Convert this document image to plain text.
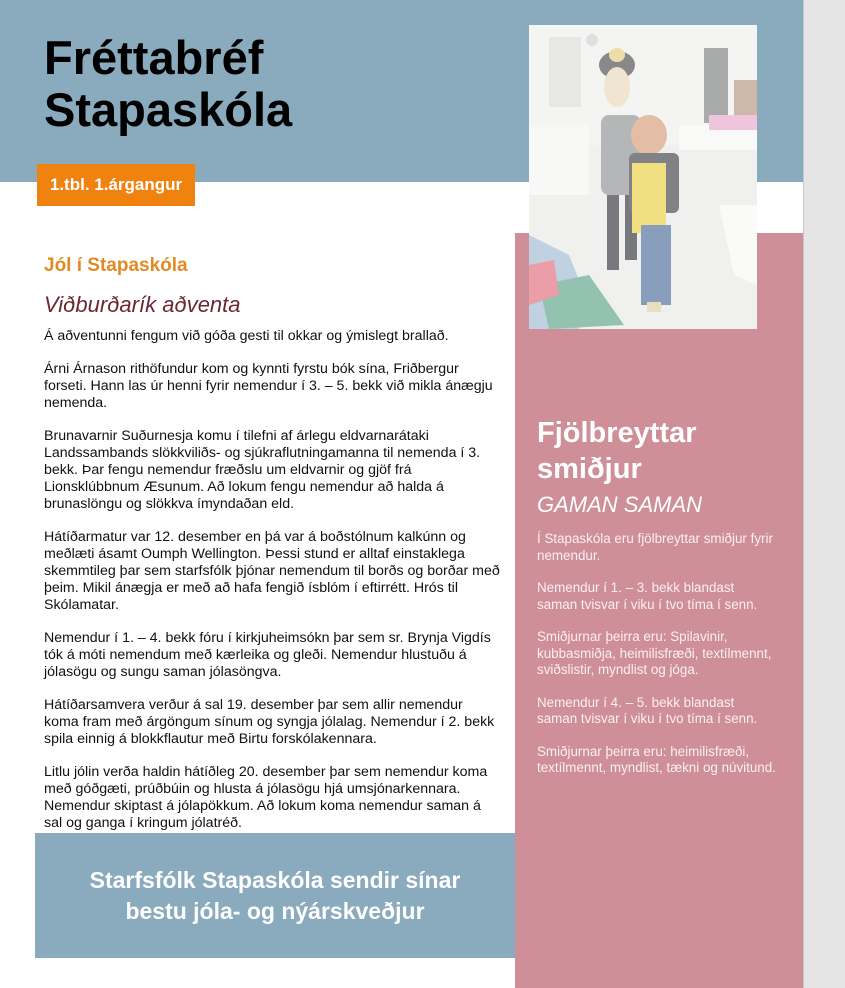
Fréttabréf
Stapaskóla
1.tbl. 1.árgangur
Jól í Stapaskóla
Viðburðarík aðventa

Á aðventunni fengum við góða gesti til okkar og ýmislegt brallað.

Árni Árnason rithöfundur kom og kynnti fyrstu bók sína, Friðbergur forseti. Hann las úr henni fyrir nemendur í 3. – 5. bekk við mikla ánægju nemenda.

Brunavarnir Suðurnesja komu í tilefni af árlegu eldvarnarátaki Landssambands slökkviliðs- og sjúkraflutningamanna til nemenda í 3. bekk. Þar fengu nemendur fræðslu um eldvarnir og gjöf frá Lionsklúbbnum Æsunum. Að lokum fengu nemendur að halda á brunaslöngu og slökkva ímyndaðan eld.

Hátíðarmatur var 12. desember en þá var á boðstólnum kalkúnn og meðlæti ásamt Oumph Wellington. Þessi stund er alltaf einstaklega skemmtileg þar sem starfsfólk þjónar nemendum til borðs og borðar með þeim. Mikil ánægja er með að hafa fengið ísblóm í eftirrétt. Hrós til Skólamatar.

Nemendur í 1. – 4. bekk fóru í kirkjuheimsókn þar sem sr. Brynja Vigdís tók á móti nemendum með kærleika og gleði. Nemendur hlustuðu á jólasögu og sungu saman jólasöngva.

Hátíðarsamvera verður á sal 19. desember þar sem allir nemendur koma fram með árgöngum sínum og syngja jólalag. Nemendur í 2. bekk spila einnig á blokkflautur með Birtu forskólakennara.

Litlu jólin verða haldin hátíðleg 20. desember þar sem nemendur koma með góðgæti, prúðbúin og hlusta á jólasögu hjá umsjónarkennara. Nemendur skiptast á jólapökkum. Að lokum koma nemendur saman á sal og ganga í kringum jólatréð.

Starfsfólk Stapaskóla sendir sínar
bestu jóla- og nýárskveðjur

Fjölbreyttar
smiðjur
GAMAN SAMAN

Í Stapaskóla eru fjölbreyttar smiðjur fyrir nemendur.

Nemendur í 1. – 3. bekk blandast saman tvisvar í viku í tvo tíma í senn.

Smiðjurnar þeirra eru: Spilavinir, kubbasmiðja, heimilisfræði, textílmennt, sviðslistir, myndlist og jóga.

Nemendur í 4. – 5. bekk blandast saman tvisvar í viku í tvo tíma í senn.

Smiðjurnar þeirra eru: heimilisfræði, textílmennt, myndlist, tækni og núvitund.
